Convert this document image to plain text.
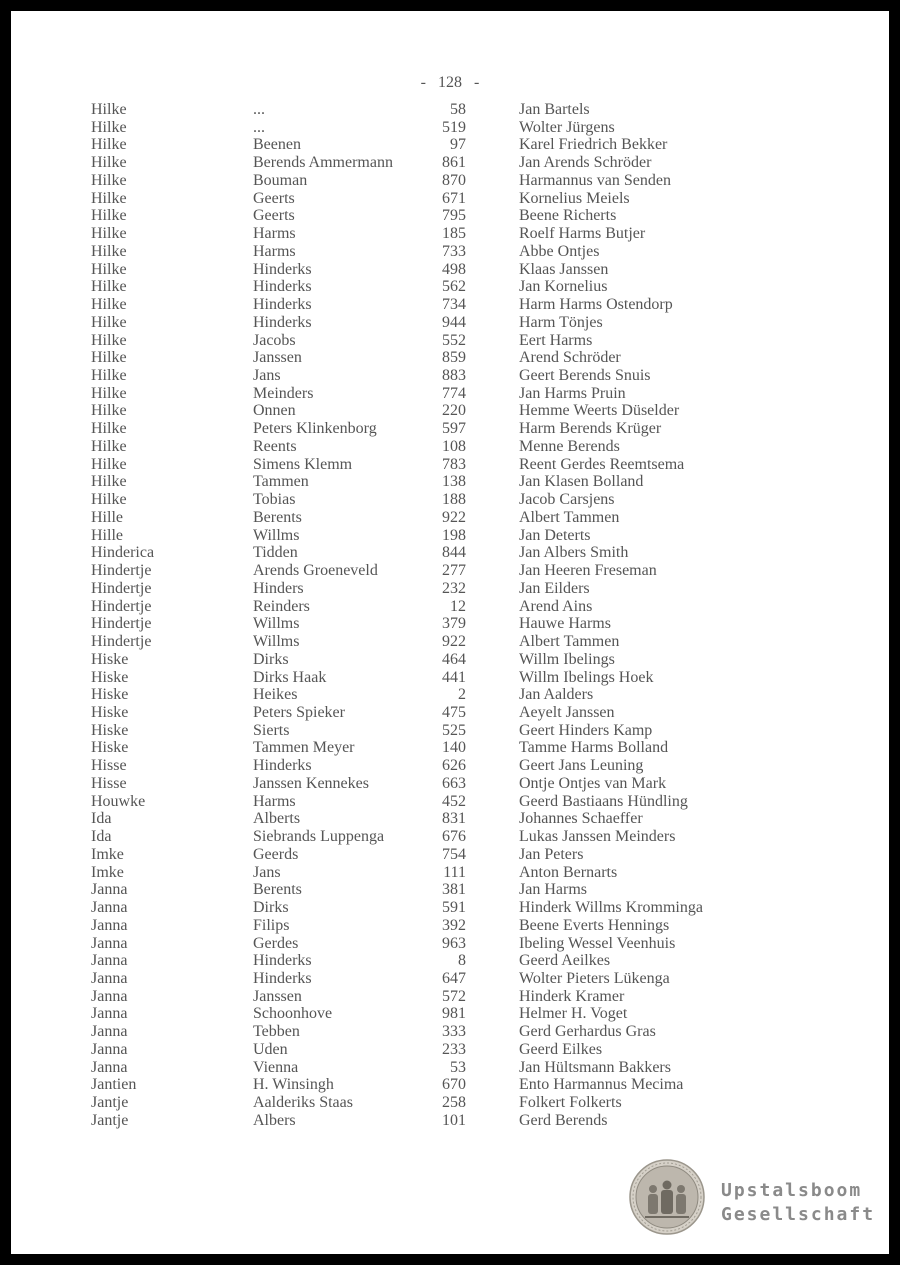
- 128 -
Hilke	...	58	Jan Bartels
Hilke	...	519	Wolter Jürgens
Hilke	Beenen	97	Karel Friedrich Bekker
Hilke	Berends Ammermann	861	Jan Arends Schröder
Hilke	Bouman	870	Harmannus van Senden
Hilke	Geerts	671	Kornelius Meiels
Hilke	Geerts	795	Beene Richerts
Hilke	Harms	185	Roelf Harms Butjer
Hilke	Harms	733	Abbe Ontjes
Hilke	Hinderks	498	Klaas Janssen
Hilke	Hinderks	562	Jan Kornelius
Hilke	Hinderks	734	Harm Harms Ostendorp
Hilke	Hinderks	944	Harm Tönjes
Hilke	Jacobs	552	Eert Harms
Hilke	Janssen	859	Arend Schröder
Hilke	Jans	883	Geert Berends Snuis
Hilke	Meinders	774	Jan Harms Pruin
Hilke	Onnen	220	Hemme Weerts Düselder
Hilke	Peters Klinkenborg	597	Harm Berends Krüger
Hilke	Reents	108	Menne Berends
Hilke	Simens Klemm	783	Reent Gerdes Reemtsema
Hilke	Tammen	138	Jan Klasen Bolland
Hilke	Tobias	188	Jacob Carsjens
Hille	Berents	922	Albert Tammen
Hille	Willms	198	Jan Deterts
Hinderica	Tidden	844	Jan Albers Smith
Hindertje	Arends Groeneveld	277	Jan Heeren Freseman
Hindertje	Hinders	232	Jan Eilders
Hindertje	Reinders	12	Arend Ains
Hindertje	Willms	379	Hauwe Harms
Hindertje	Willms	922	Albert Tammen
Hiske	Dirks	464	Willm Ibelings
Hiske	Dirks Haak	441	Willm Ibelings Hoek
Hiske	Heikes	2	Jan Aalders
Hiske	Peters Spieker	475	Aeyelt Janssen
Hiske	Sierts	525	Geert Hinders Kamp
Hiske	Tammen Meyer	140	Tamme Harms Bolland
Hisse	Hinderks	626	Geert Jans Leuning
Hisse	Janssen Kennekes	663	Ontje Ontjes van Mark
Houwke	Harms	452	Geerd Bastiaans Hündling
Ida	Alberts	831	Johannes Schaeffer
Ida	Siebrands Luppenga	676	Lukas Janssen Meinders
Imke	Geerds	754	Jan Peters
Imke	Jans	111	Anton Bernarts
Janna	Berents	381	Jan Harms
Janna	Dirks	591	Hinderk Willms Kromminga
Janna	Filips	392	Beene Everts Hennings
Janna	Gerdes	963	Ibeling Wessel Veenhuis
Janna	Hinderks	8	Geerd Aeilkes
Janna	Hinderks	647	Wolter Pieters Lükenga
Janna	Janssen	572	Hinderk Kramer
Janna	Schoonhove	981	Helmer H. Voget
Janna	Tebben	333	Gerd Gerhardus Gras
Janna	Uden	233	Geerd Eilkes
Janna	Vienna	53	Jan Hültsmann Bakkers
Jantien	H. Winsingh	670	Ento Harmannus Mecima
Jantje	Aalderiks Staas	258	Folkert Folkerts
Jantje	Albers	101	Gerd Berends
Upstalsboom
Gesellschaft
